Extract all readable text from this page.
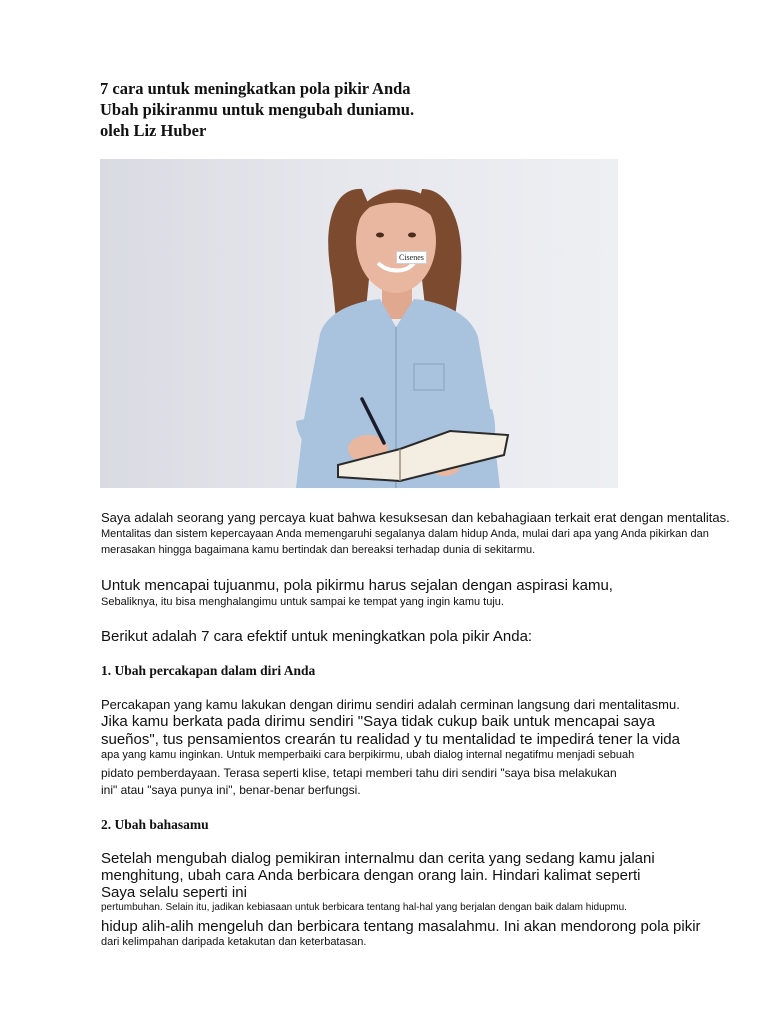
7 cara untuk meningkatkan pola pikir Anda
Ubah pikiranmu untuk mengubah duniamu.
oleh Liz Huber
Cisenes
Saya adalah seorang yang percaya kuat bahwa kesuksesan dan kebahagiaan terkait erat dengan mentalitas.
Mentalitas dan sistem kepercayaan Anda memengaruhi segalanya dalam hidup Anda, mulai dari apa yang Anda pikirkan dan
merasakan hingga bagaimana kamu bertindak dan bereaksi terhadap dunia di sekitarmu.
Untuk mencapai tujuanmu, pola pikirmu harus sejalan dengan aspirasi kamu,
Sebaliknya, itu bisa menghalangimu untuk sampai ke tempat yang ingin kamu tuju.
Berikut adalah 7 cara efektif untuk meningkatkan pola pikir Anda:
1. Ubah percakapan dalam diri Anda
Percakapan yang kamu lakukan dengan dirimu sendiri adalah cerminan langsung dari mentalitasmu.
Jika kamu berkata pada dirimu sendiri "Saya tidak cukup baik untuk mencapai saya
sueños", tus pensamientos crearán tu realidad y tu mentalidad te impedirá tener la vida
apa yang kamu inginkan. Untuk memperbaiki cara berpikirmu, ubah dialog internal negatifmu menjadi sebuah
pidato pemberdayaan. Terasa seperti klise, tetapi memberi tahu diri sendiri "saya bisa melakukan
ini" atau "saya punya ini", benar-benar berfungsi.
2. Ubah bahasamu
Setelah mengubah dialog pemikiran internalmu dan cerita yang sedang kamu jalani
menghitung, ubah cara Anda berbicara dengan orang lain. Hindari kalimat seperti
Saya selalu seperti ini
pertumbuhan. Selain itu, jadikan kebiasaan untuk berbicara tentang hal-hal yang berjalan dengan baik dalam hidupmu.
hidup alih-alih mengeluh dan berbicara tentang masalahmu. Ini akan mendorong pola pikir
dari kelimpahan daripada ketakutan dan keterbatasan.
